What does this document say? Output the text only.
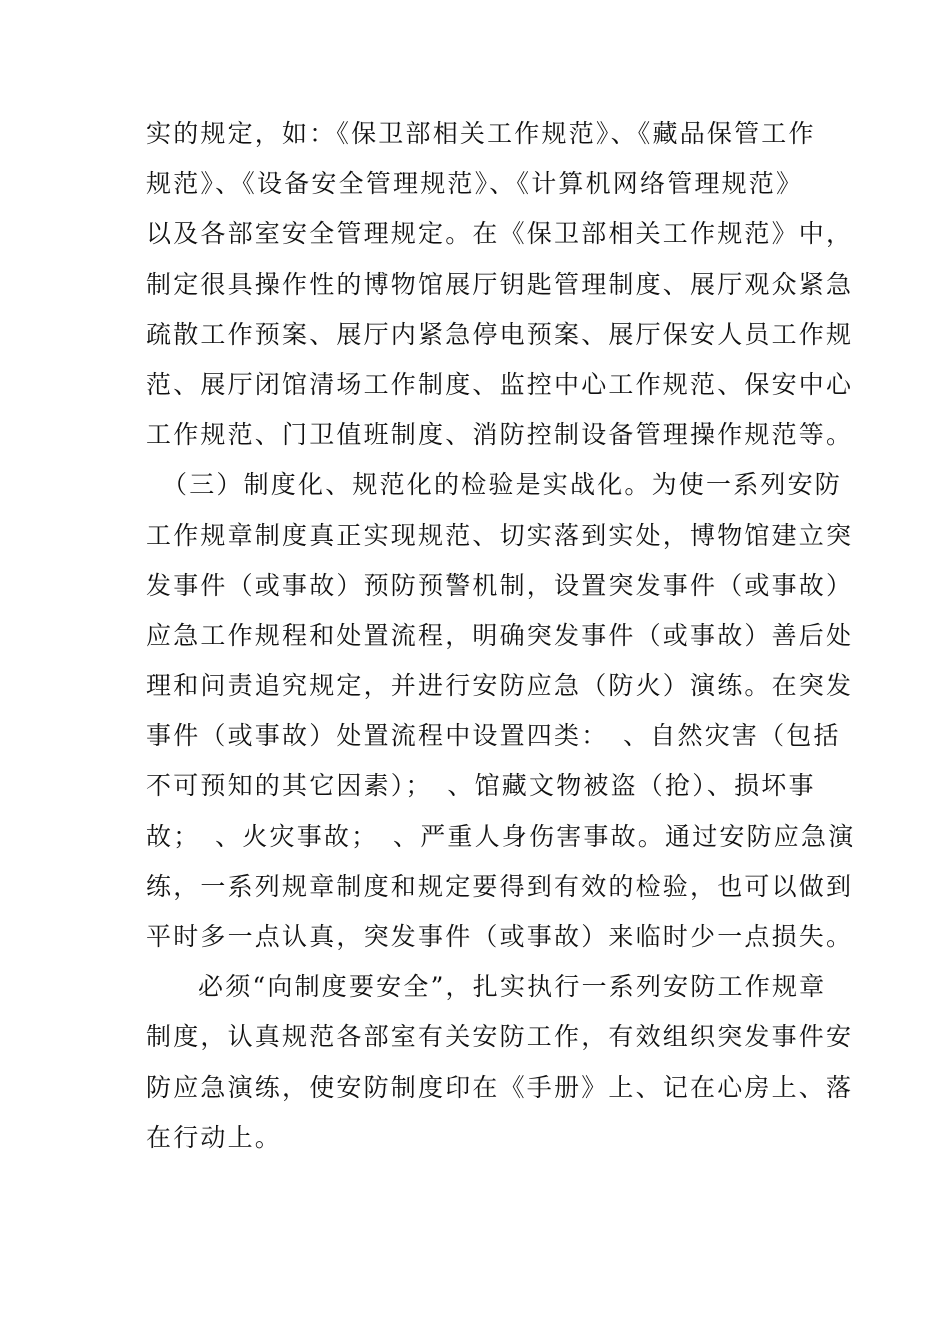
实的规定，如：《保卫部相关工作规范》、《藏品保管工作
规范》、《设备安全管理规范》、《计算机网络管理规范》
以及各部室安全管理规定。在《保卫部相关工作规范》中，
制定很具操作性的博物馆展厅钥匙管理制度、展厅观众紧急
疏散工作预案、展厅内紧急停电预案、展厅保安人员工作规
范、展厅闭馆清场工作制度、监控中心工作规范、保安中心
工作规范、门卫值班制度、消防控制设备管理操作规范等。
（三）制度化、规范化的检验是实战化。为使一系列安防
工作规章制度真正实现规范、切实落到实处，博物馆建立突
发事件（或事故）预防预警机制，设置突发事件（或事故）
应急工作规程和处置流程，明确突发事件（或事故）善后处
理和问责追究规定，并进行安防应急（防火）演练。在突发
事件（或事故）处置流程中设置四类：　、自然灾害（包括
不可预知的其它因素）；　、馆藏文物被盗（抢）、损坏事
故；　、火灾事故；　、严重人身伤害事故。通过安防应急演
练，一系列规章制度和规定要得到有效的检验，也可以做到
平时多一点认真，突发事件（或事故）来临时少一点损失。
必须“向制度要安全”，扎实执行一系列安防工作规章
制度，认真规范各部室有关安防工作，有效组织突发事件安
防应急演练，使安防制度印在《手册》上、记在心房上、落
在行动上。
